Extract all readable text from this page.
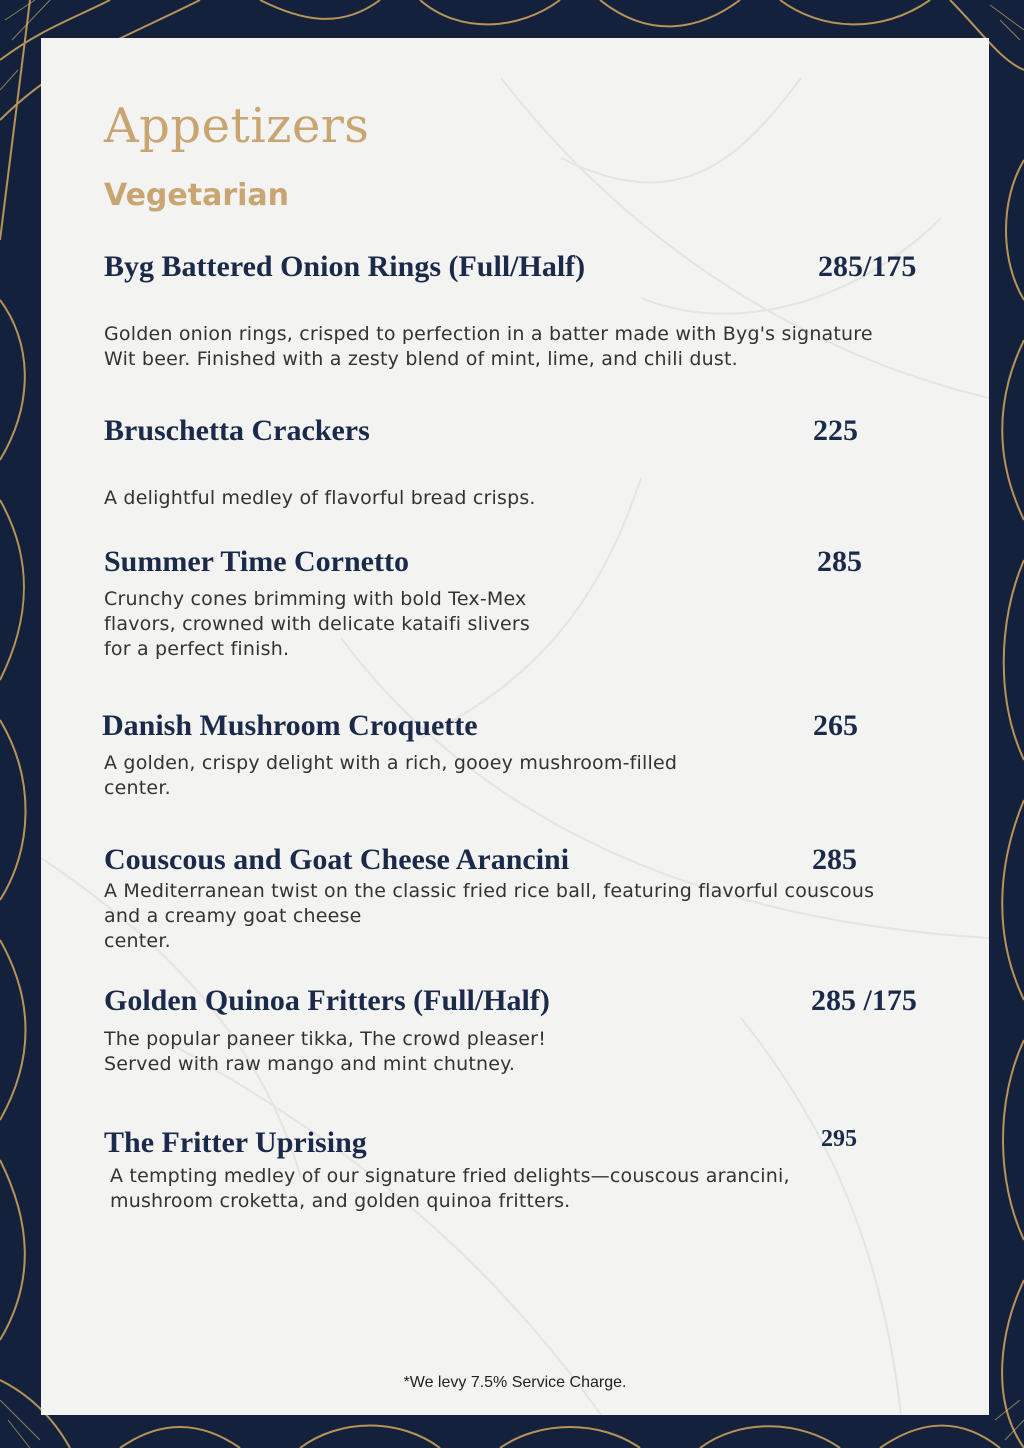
Appetizers
Vegetarian
Byg Battered Onion Rings (Full/Half)	285/175

Golden onion rings, crisped to perfection in a batter made with Byg's signature
Wit beer. Finished with a zesty blend of mint, lime, and chili dust.

Bruschetta Crackers	225

A delightful medley of flavorful bread crisps.

Summer Time Cornetto	285

Crunchy cones brimming with bold Tex-Mex
flavors, crowned with delicate kataifi slivers
for a perfect finish.

Danish Mushroom Croquette	265

A golden, crispy delight with a rich, gooey mushroom-filled
center.

Couscous and Goat Cheese Arancini	285

A Mediterranean twist on the classic fried rice ball, featuring flavorful couscous
and a creamy goat cheese
center.

Golden Quinoa Fritters (Full/Half)	285 /175

The popular paneer tikka, The crowd pleaser!
Served with raw mango and mint chutney.

The Fritter Uprising	295

A tempting medley of our signature fried delights—couscous arancini,
mushroom croketta, and golden quinoa fritters.

*We levy 7.5% Service Charge.
